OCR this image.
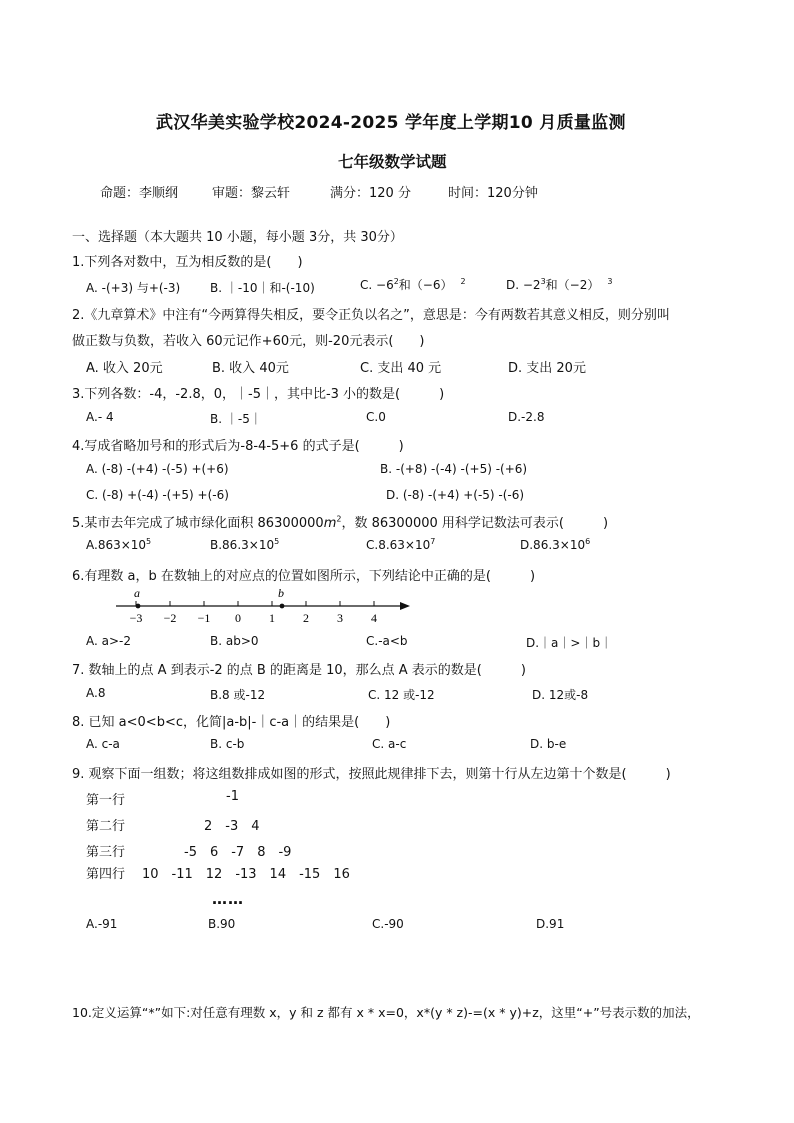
武汉华美实验学校2024-2025 学年度上学期10 月质量监测
七年级数学试题
命题：李顺纲	审题：黎云轩	满分：120 分	时间：120分钟
一、选择题（本大题共 10 小题，每小题 3分，共 30分）
1.下列各对数中，互为相反数的是(　　)
A. -(+3) 与+(-3) B. ｜-10｜和-(-10)	C. $-6^2$和（−6） $^2$	D. $-2^3$和（−2） $^3$
2.《九章算术》中注有“今两算得失相反，要令正负以名之”，意思是：今有两数若其意义相反，则分别叫
做正数与负数，若收入 60元记作+60元，则-20元表示(　　)
A. 收入 20元	B. 收入 40元	C. 支出 40 元	D. 支出 20元
3.下列各数：-4，-2.8，0，｜-5｜，其中比-3 小的数是(　　　)
A.- 4	B. ｜-5｜	C.0	D.-2.8
4.写成省略加号和的形式后为-8-4-5+6 的式子是(　　　)
A. (-8) -(+4) -(-5) +(+6)	B. -(+8) -(-4) -(+5) -(+6)
C. (-8) +(-4) -(+5) +(-6)	D. (-8) -(+4) +(-5) -(-6)
5.某市去年完成了城市绿化面积 $86300000m^2$，数 86300000 用科学记数法可表示(　　　)
$A.863\times 10^5$	$B.86.3\times 10^5$	$C.8.63\times 10^7$	$D.86.3\times 10^6$
6.有理数 a，b 在数轴上的对应点的位置如图所示，下列结论中正确的是(　　　)
a	b
−3 −2 −1 0 1 2 3 4
A. a>-2	B. ab>0	C.-a<b	D.｜a｜>｜b｜
7. 数轴上的点 A 到表示-2 的点 B 的距离是 10，那么点 A 表示的数是(　　　)
A.8	B.8 或-12	C. 12 或-12	D. 12或-8
8. 已知 a<0<b<c，化简|a-b|-｜c-a｜的结果是(　　)
A. c-a	B. c-b	C. a-c	D. b-e
9. 观察下面一组数；将这组数排成如图的形式，按照此规律排下去，则第十行从左边第十个数是(　　　)
第一行	-1
第二行	2　-3　4
第三行	-5　6　-7　8　-9
第四行 10　-11　12　-13　14　-15　16
……
A.-91	B.90	C.-90	D.91
10.定义运算“*”如下:对任意有理数 x，y 和 z 都有 x * x=0，x*(y * z)-=(x * y)+z，这里“+”号表示数的加法，
